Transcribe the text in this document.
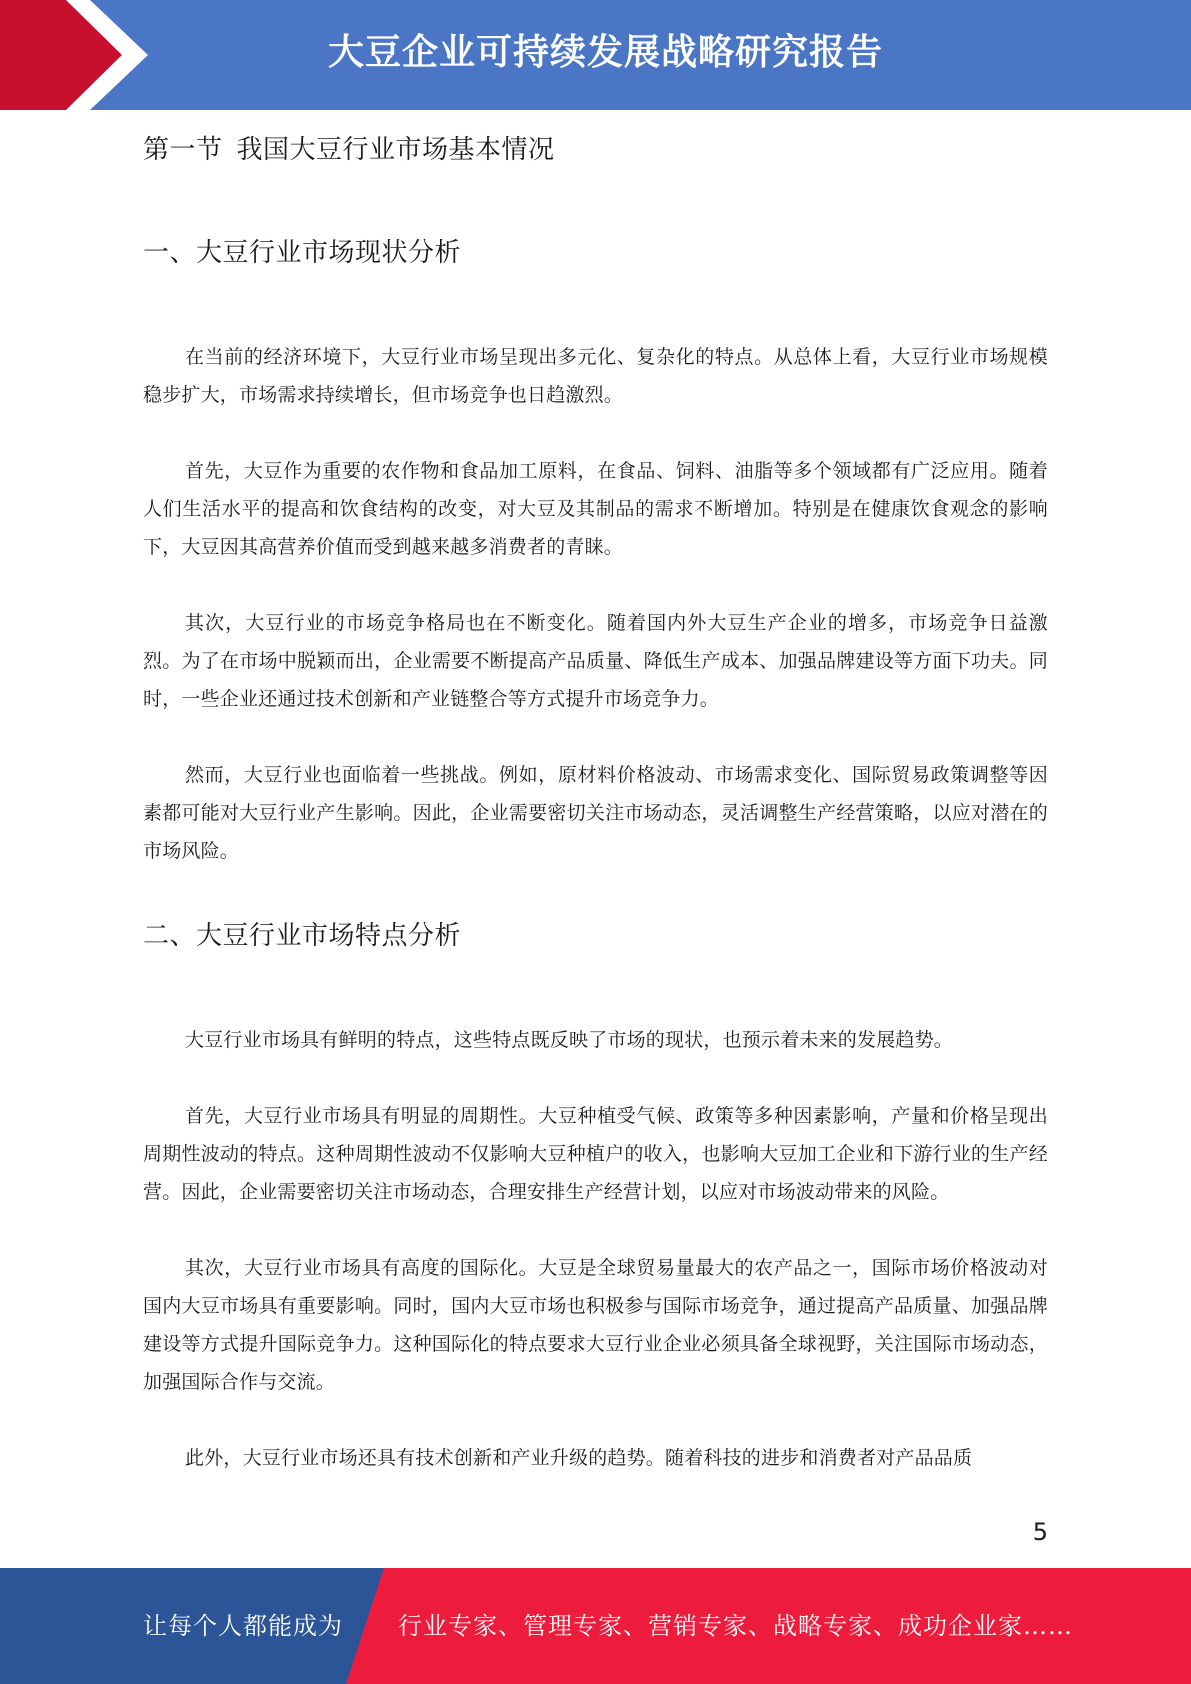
大豆企业可持续发展战略研究报告
第一节 我国大豆行业市场基本情况
一、大豆行业市场现状分析

在当前的经济环境下，大豆行业市场呈现出多元化、复杂化的特点。从总体上看，大豆行业市场规模稳步扩大，市场需求持续增长，但市场竞争也日趋激烈。

首先，大豆作为重要的农作物和食品加工原料，在食品、饲料、油脂等多个领域都有广泛应用。随着人们生活水平的提高和饮食结构的改变，对大豆及其制品的需求不断增加。特别是在健康饮食观念的影响下，大豆因其高营养价值而受到越来越多消费者的青睐。

其次，大豆行业的市场竞争格局也在不断变化。随着国内外大豆生产企业的增多，市场竞争日益激烈。为了在市场中脱颖而出，企业需要不断提高产品质量、降低生产成本、加强品牌建设等方面下功夫。同时，一些企业还通过技术创新和产业链整合等方式提升市场竞争力。

然而，大豆行业也面临着一些挑战。例如，原材料价格波动、市场需求变化、国际贸易政策调整等因素都可能对大豆行业产生影响。因此，企业需要密切关注市场动态，灵活调整生产经营策略，以应对潜在的市场风险。

二、大豆行业市场特点分析

大豆行业市场具有鲜明的特点，这些特点既反映了市场的现状，也预示着未来的发展趋势。

首先，大豆行业市场具有明显的周期性。大豆种植受气候、政策等多种因素影响，产量和价格呈现出周期性波动的特点。这种周期性波动不仅影响大豆种植户的收入，也影响大豆加工企业和下游行业的生产经营。因此，企业需要密切关注市场动态，合理安排生产经营计划，以应对市场波动带来的风险。

其次，大豆行业市场具有高度的国际化。大豆是全球贸易量最大的农产品之一，国际市场价格波动对国内大豆市场具有重要影响。同时，国内大豆市场也积极参与国际市场竞争，通过提高产品质量、加强品牌建设等方式提升国际竞争力。这种国际化的特点要求大豆行业企业必须具备全球视野，关注国际市场动态，加强国际合作与交流。

此外，大豆行业市场还具有技术创新和产业升级的趋势。随着科技的进步和消费者对产品品质

5
让每个人都能成为 行业专家、管理专家、营销专家、战略专家、成功企业家……
